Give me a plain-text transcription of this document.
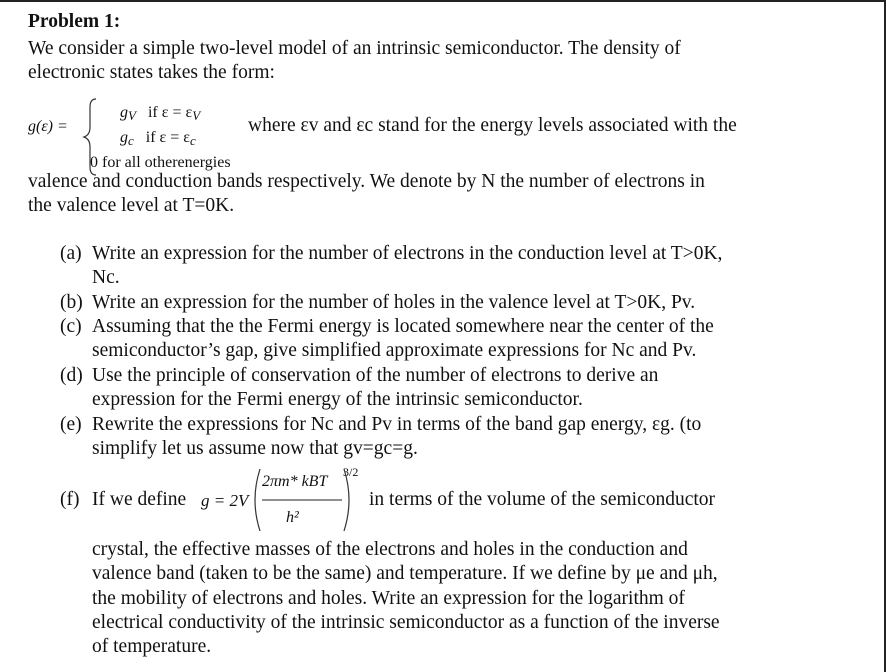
Problem 1:
We consider a simple two-level model of an intrinsic semiconductor. The density of
electronic states takes the form:
g(ε) =
$g_V$ if $\varepsilon = \varepsilon_V$
$g_c$ if $\varepsilon = \varepsilon_c$
0 for all otherenergies
where εv and εc stand for the energy levels associated with the
valence and conduction bands respectively. We denote by N the number of electrons in
the valence level at T=0K.
(a) Write an expression for the number of electrons in the conduction level at T>0K,
Nc.
(b) Write an expression for the number of holes in the valence level at T>0K, Pv.
(c) Assuming that the the Fermi energy is located somewhere near the center of the
semiconductor’s gap, give simplified approximate expressions for Nc and Pv.
(d) Use the principle of conservation of the number of electrons to derive an
expression for the Fermi energy of the intrinsic semiconductor.
(e) Rewrite the expressions for Nc and Pv in terms of the band gap energy, εg. (to
simplify let us assume now that gv=gc=g.
(f) If we define g = 2V
2πm* kBT
h²
3/2
in terms of the volume of the semiconductor
crystal, the effective masses of the electrons and holes in the conduction and
valence band (taken to be the same) and temperature. If we define by μe and μh,
the mobility of electrons and holes. Write an expression for the logarithm of
electrical conductivity of the intrinsic semiconductor as a function of the inverse
of temperature.
